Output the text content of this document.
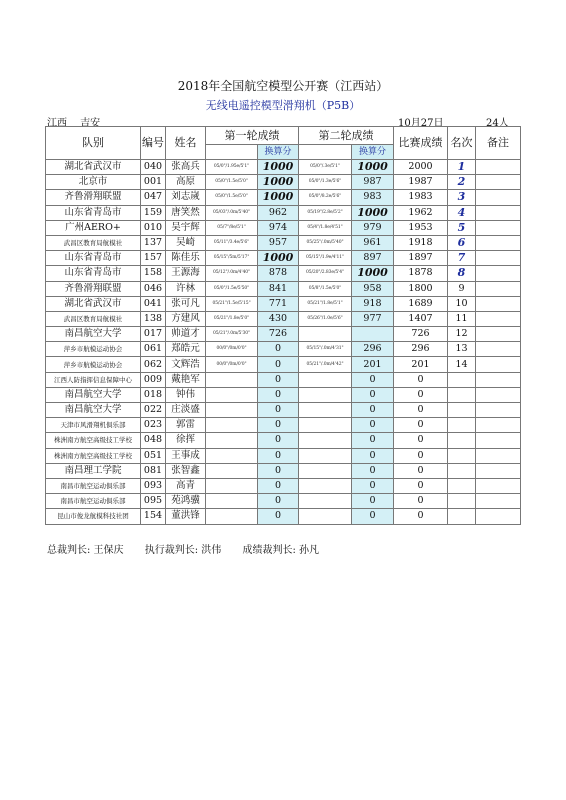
2018年全国航空模型公开赛（江西站）
无线电遥控模型滑翔机（P5B）
江西　 吉安	10月27日	24人
队别	编号	姓名	第一轮成绩		第二轮成绩		比赛成绩	名次	备注
				换算分		换算分			
湖北省武汉市	040	张高兵	05/0"/1.95e/5'1"	1000	05/0"/.3e/5'1"	1000	2000	1	
北京市	001	高原	05/0"/1.5e/5'0"	1000	05/0"/1.3e/5'6"	987	1987	2	
齐鲁滑翔联盟	047	刘志嵗	05/0"/1.5e/5'0"	1000	05/0"/8.2e/5'6"	983	1983	3	
山东省青岛市	159	唐笑然	05/03"/.0m/5'40"	962	05/19"/2.8e/5'2"	1000	1962	4	
广州AERO+	010	吴宇辉	05/7"/8e/5'1"	974	05/4"/1.8e/4'51"	979	1953	5	
武昌区教育局航模社	137	吴崎	05/11"/3.4e/5'6"	957	05/25"/.0m/5'40"	961	1918	6	
山东省青岛市	157	陈佳乐	05/15"/5m/5'17"	1000	05/15"/1.9e/4'11"	897	1897	7	
山东省青岛市	158	王源海	05/12"/.0m/4'40"	878	05/20"/2.83e/5'4"	1000	1878	8	
齐鲁滑翔联盟	046	许林	05/0"/1.5e/5'50"	841	05/8"/1.5e/5'0"	958	1800	9	
湖北省武汉市	041	张可凡	05/21"/1.5e/5'15"	771	05/21"/1.8e/5'1"	918	1689	10	
武昌区教育局航模社	138	方建风	05/21"/1.8e/5'0"	430	05/26"/1.0e/5'6"	977	1407	11	
南昌航空大学	017	帅道才	05/21"/.0m/5'30"	726			726	12	
萍乡市航模运动协会	061	郑皓元	00/0"/0m/0'0"	0	05/15"/.0m/4'31"	296	296	13	
萍乡市航模运动协会	062	文辉浩	00/0"/0m/0'0"	0	05/21"/.0m/4'42"	201	201	14	
江西人防指挥信息保障中心	009	戴艳军		0		0	0		
南昌航空大学	018	钟伟		0		0	0		
南昌航空大学	022	庄淡盛		0		0	0		
天津市风滑翔机俱乐部	023	郭雷		0		0	0		
株洲南方航空高级技工学校	048	徐挥		0		0	0		
株洲南方航空高级技工学校	051	王事成		0		0	0		
南昌理工学院	081	张智鑫		0		0	0		
南昌市航空运动俱乐部	093	高青		0		0	0		
南昌市航空运动俱乐部	095	苑鸿骥		0		0	0		
昆山市俊龙航模科技社团	154	董洪锋		0		0	0		
总裁判长: 王保庆 执行裁判长: 洪伟 成绩裁判长: 孙凡
